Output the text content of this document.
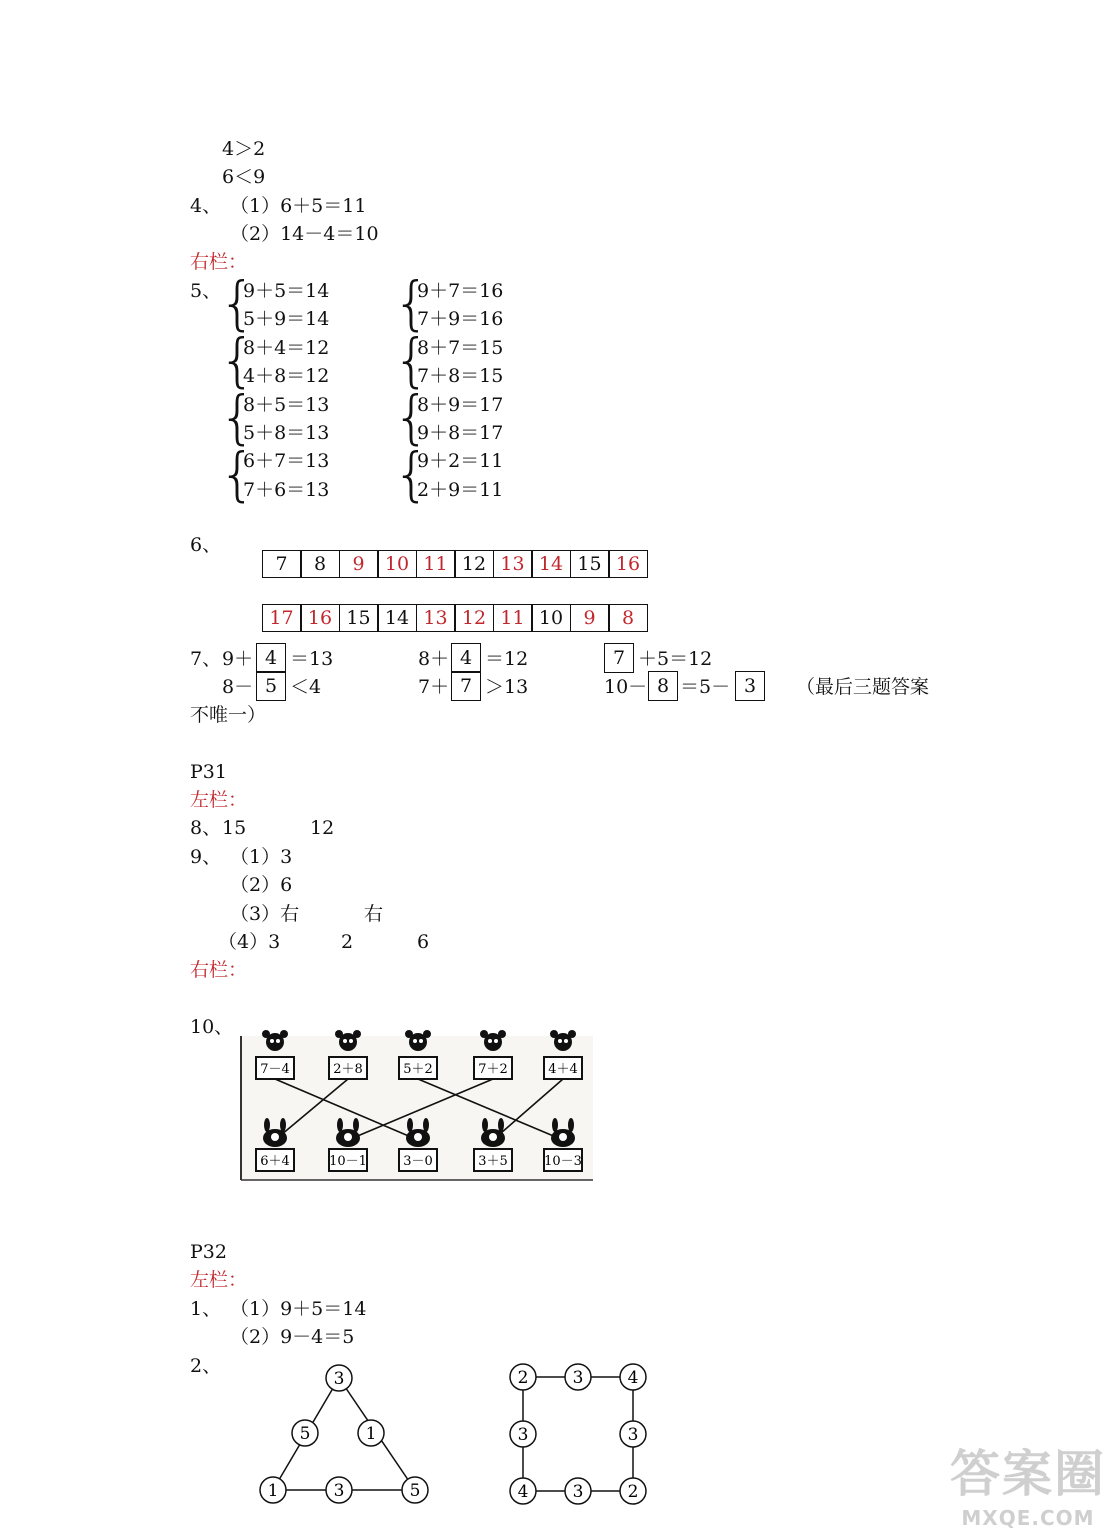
4＞2
6＜9
4、 （1）6＋5＝11
（2）14－4＝10
右栏：
5、
{
9＋5＝14
5＋9＝14 {
9＋7＝16
7＋9＝16
{
8＋4＝12
4＋8＝12 {
8＋7＝15
7＋8＝15
{
8＋5＝13
5＋8＝13 {
8＋9＝17
9＋8＝17
{
6＋7＝13
7＋6＝13 {
9＋2＝11
2＋9＝11
6、
7	8	9	10 11 12 13 14 15 16
17 16 15 14 13 12 11 10	9	8
7、 9＋ 4 ＝13	8＋ 4 ＝12	7 ＋5＝12
8－ 5 ＜4	7＋ 7 ＞13	10－ 8 ＝5－ 3	（最后三题答案
不唯一）
P31
左栏：
8、 15	12
9、 （1）3
（2）6
（3）右	右
（4）3	2	6
右栏：
10、
7－4	2＋8	5＋2	7＋2	4＋4
6＋4	10－1	3－0	3＋5	10－3
P32
左栏：
1、 （1）9＋5＝14
（2）9－4＝5
2、
3
5	1
1	3	5
2	3	4
3	3
4	3	2	答案圈
MXQE.COM
